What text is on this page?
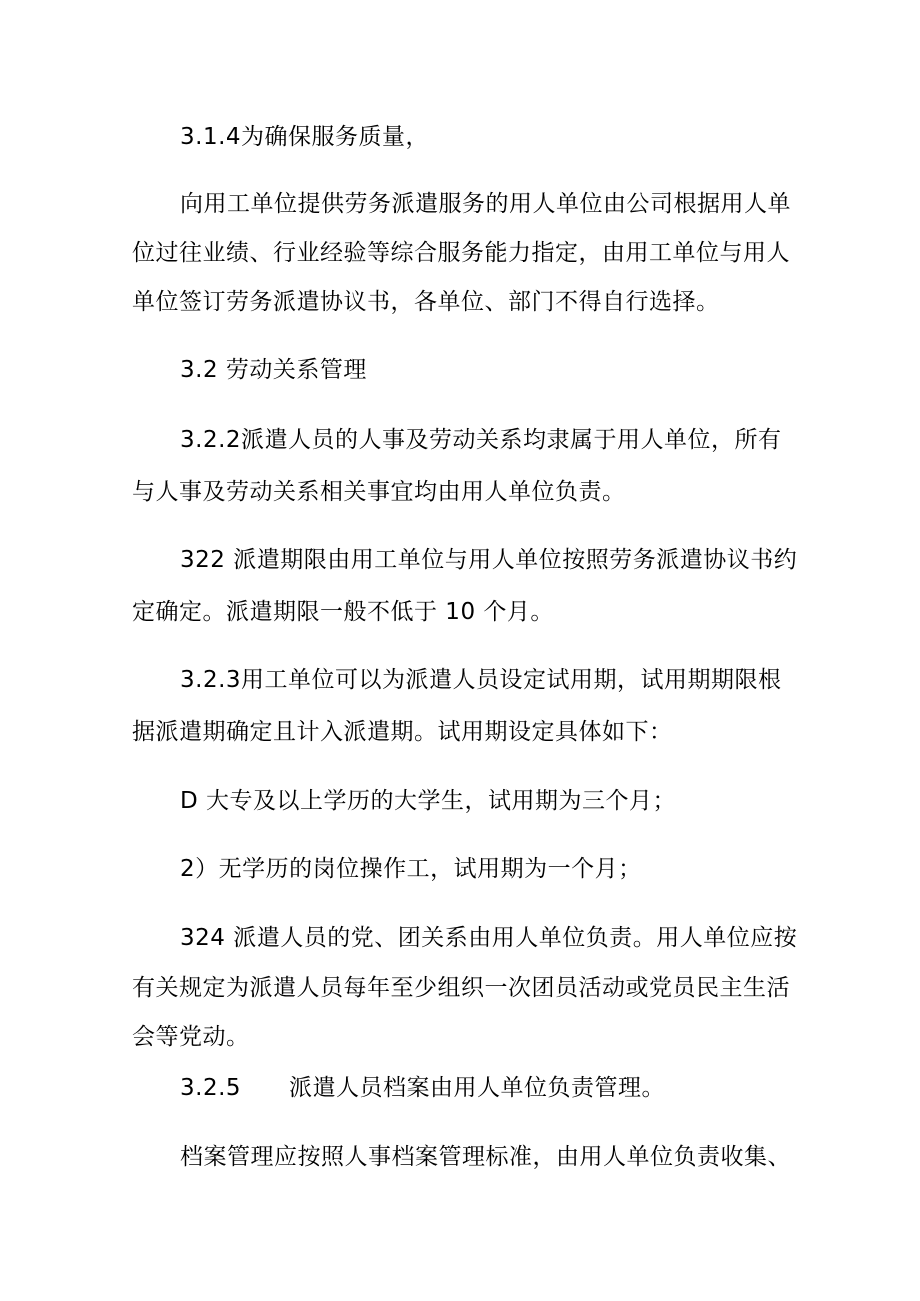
3.1.4为确保服务质量，
向用工单位提供劳务派遣服务的用人单位由公司根据用人单
位过往业绩、行业经验等综合服务能力指定，由用工单位与用人
单位签订劳务派遣协议书，各单位、部门不得自行选择。
3.2 劳动关系管理
3.2.2派遣人员的人事及劳动关系均隶属于用人单位，所有
与人事及劳动关系相关事宜均由用人单位负责。
322 派遣期限由用工单位与用人单位按照劳务派遣协议书约
定确定。派遣期限一般不低于 10 个月。
3.2.3用工单位可以为派遣人员设定试用期，试用期期限根
据派遣期确定且计入派遣期。试用期设定具体如下：
D 大专及以上学历的大学生，试用期为三个月；
2）无学历的岗位操作工，试用期为一个月；
324 派遣人员的党、团关系由用人单位负责。用人单位应按
有关规定为派遣人员每年至少组织一次团员活动或党员民主生活
会等党动。
3.2.5 派遣人员档案由用人单位负责管理。
档案管理应按照人事档案管理标准，由用人单位负责收集、
